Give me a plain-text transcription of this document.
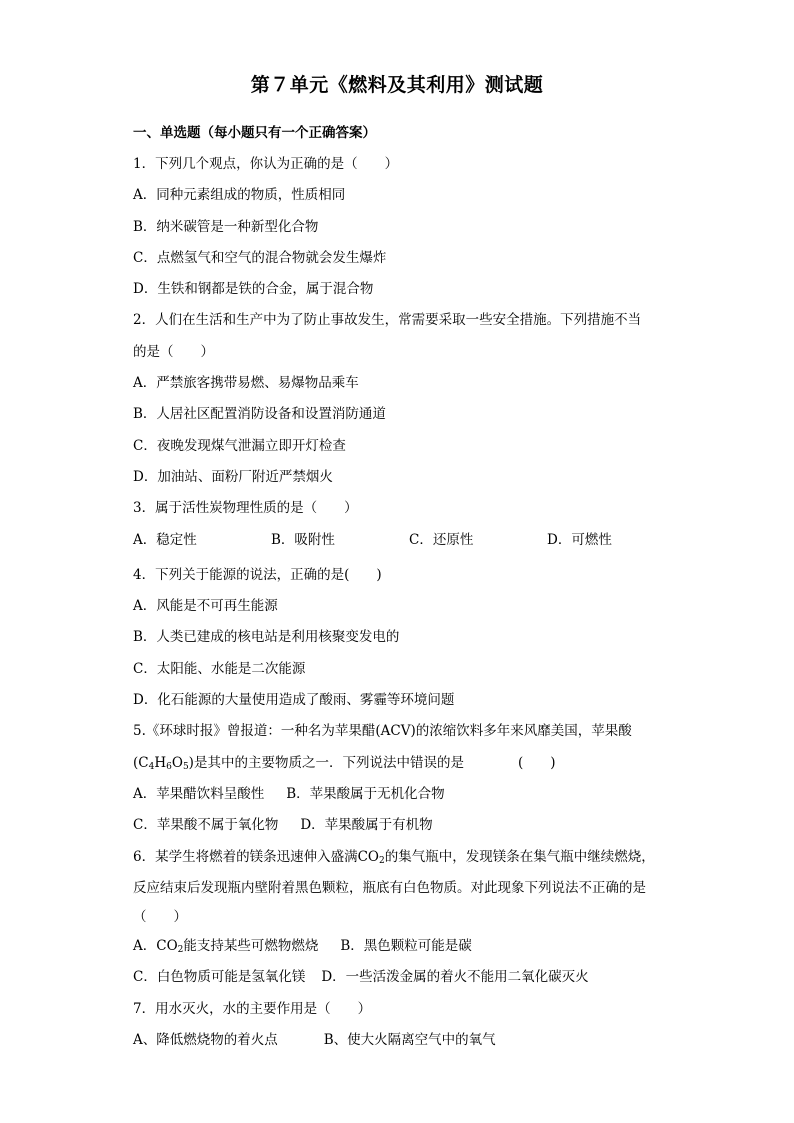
第７单元《燃料及其利用》测试题
一、单选题（每小题只有一个正确答案）
1．下列几个观点，你认为正确的是（　　）
A．同种元素组成的物质，性质相同
B．纳米碳管是一种新型化合物
C．点燃氢气和空气的混合物就会发生爆炸
D．生铁和钢都是铁的合金，属于混合物
2．人们在生活和生产中为了防止事故发生，常需要采取一些安全措施。下列措施不当
的是（　　）
A．严禁旅客携带易燃、易爆物品乘车
B．人居社区配置消防设备和设置消防通道
C．夜晚发现煤气泄漏立即开灯检查
D．加油站、面粉厂附近严禁烟火
3．属于活性炭物理性质的是（　　）
A．稳定性	B．吸附性	C．还原性	D．可燃性
4．下列关于能源的说法，正确的是(　　)
A．风能是不可再生能源
B．人类已建成的核电站是利用核聚变发电的
C．太阳能、水能是二次能源
D．化石能源的大量使用造成了酸雨、雾霾等环境问题
5.《环球时报》曾报道：一种名为苹果醋(ACV)的浓缩饮料多年来风靡美国，苹果酸
$(C_4H_6O_5)$是其中的主要物质之一．下列说法中错误的是　　　　(　　)
A．苹果醋饮料呈酸性 B．苹果酸属于无机化合物
C．苹果酸不属于氧化物 D．苹果酸属于有机物
6．某学生将燃着的镁条迅速伸入盛满$CO_2$的集气瓶中，发现镁条在集气瓶中继续燃烧，
反应结束后发现瓶内壁附着黑色颗粒，瓶底有白色物质。对此现象下列说法不正确的是
（　　）
A．$CO_2$能支持某些可燃物燃烧 B．黑色颗粒可能是碳
C．白色物质可能是氢氧化镁 D．一些活泼金属的着火不能用二氧化碳灭火
7．用水灭火，水的主要作用是（　　）
A、降低燃烧物的着火点	B、使大火隔离空气中的氧气
